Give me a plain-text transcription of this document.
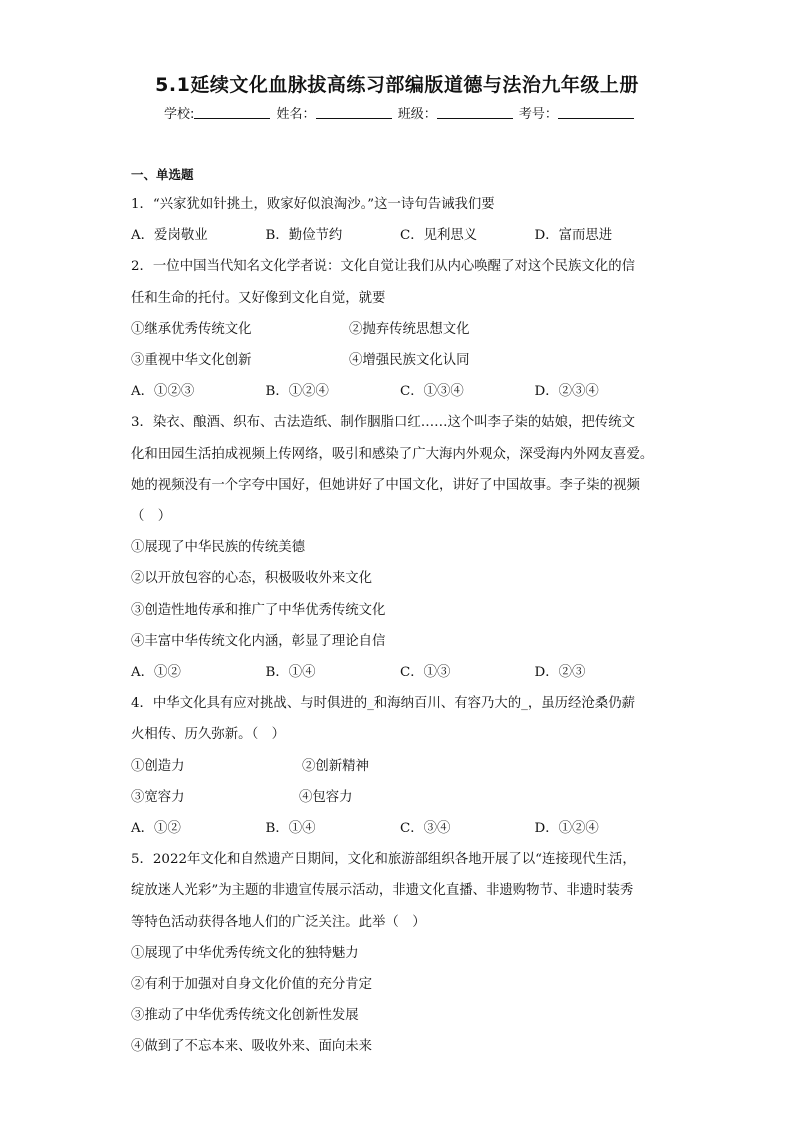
5.1延续文化血脉拔高练习部编版道德与法治九年级上册
学校:	姓名：	班级：	考号：
一、单选题
1．“兴家犹如针挑土，败家好似浪淘沙。”这一诗句告诫我们要
A．爱岗敬业	B．勤俭节约	C．见利思义	D．富而思进
2．一位中国当代知名文化学者说：文化自觉让我们从内心唤醒了对这个民族文化的信
任和生命的托付。又好像到文化自觉，就要
①继承优秀传统文化	②抛弃传统思想文化
③重视中华文化创新	④增强民族文化认同
A．①②③	B．①②④	C．①③④	D．②③④
3．染衣、酿酒、织布、古法造纸、制作胭脂口红……这个叫李子柒的姑娘，把传统文
化和田园生活拍成视频上传网络，吸引和感染了广大海内外观众，深受海内外网友喜爱。
她的视频没有一个字夸中国好，但她讲好了中国文化，讲好了中国故事。李子柒的视频
（　）
①展现了中华民族的传统美德
②以开放包容的心态，积极吸收外来文化
③创造性地传承和推广了中华优秀传统文化
④丰富中华传统文化内涵，彰显了理论自信
A．①②	B．①④	C．①③	D．②③
4．中华文化具有应对挑战、与时俱进的_和海纳百川、有容乃大的_，虽历经沧桑仍薪
火相传、历久弥新。（　）
①创造力	②创新精神
③宽容力	④包容力
A．①②	B．①④	C．③④	D．①②④
5．2022年文化和自然遗产日期间，文化和旅游部组织各地开展了以“连接现代生活，
绽放迷人光彩”为主题的非遗宣传展示活动，非遗文化直播、非遗购物节、非遗时装秀
等特色活动获得各地人们的广泛关注。此举（　）
①展现了中华优秀传统文化的独特魅力
②有利于加强对自身文化价值的充分肯定
③推动了中华优秀传统文化创新性发展
④做到了不忘本来、吸收外来、面向未来
